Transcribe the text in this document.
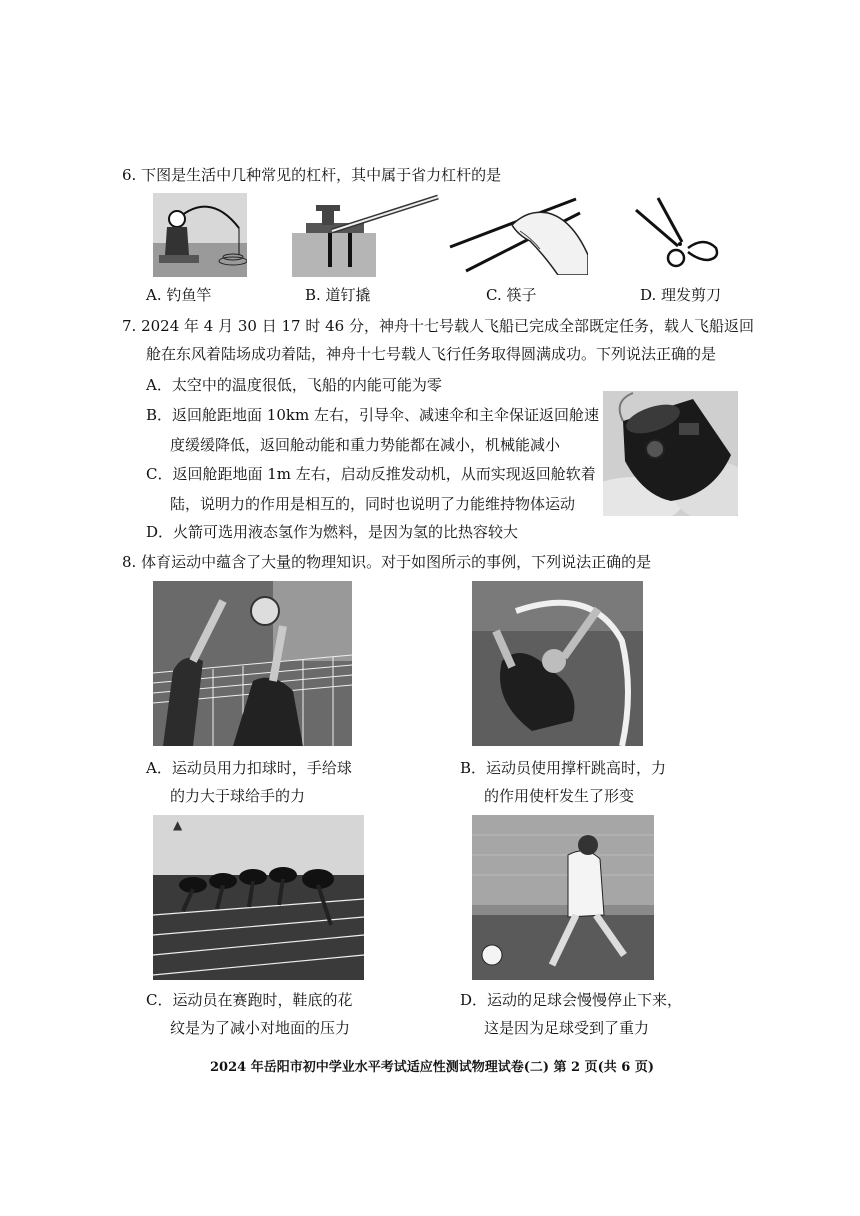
6. 下图是生活中几种常见的杠杆，其中属于省力杠杆的是
A. 钓鱼竿	B. 道钉撬	C. 筷子	D. 理发剪刀
7. 2024 年 4 月 30 日 17 时 46 分，神舟十七号载人飞船已完成全部既定任务，载人飞船返回
舱在东风着陆场成功着陆，神舟十七号载人飞行任务取得圆满成功。下列说法正确的是
A．太空中的温度很低，飞船的内能可能为零
B．返回舱距地面 10km 左右，引导伞、减速伞和主伞保证返回舱速
度缓缓降低，返回舱动能和重力势能都在减小，机械能减小
C．返回舱距地面 1m 左右，启动反推发动机，从而实现返回舱软着
陆，说明力的作用是相互的，同时也说明了力能维持物体运动
D．火箭可选用液态氢作为燃料，是因为氢的比热容较大
8. 体育运动中蕴含了大量的物理知识。对于如图所示的事例，下列说法正确的是
A．运动员用力扣球时，手给球
的力大于球给手的力
B．运动员使用撑杆跳高时，力
的作用使杆发生了形变
▲
C．运动员在赛跑时，鞋底的花
纹是为了减小对地面的压力
D．运动的足球会慢慢停止下来，
这是因为足球受到了重力
2024 年岳阳市初中学业水平考试适应性测试物理试卷(二) 第 2 页(共 6 页)
